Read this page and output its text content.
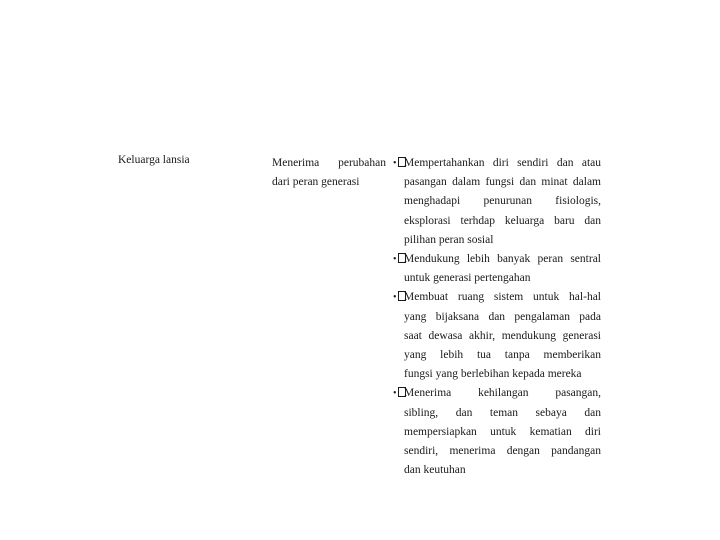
Keluarga lansia	Menerima perubahan
dari peran generasi
• Mempertahankan diri sendiri dan atau
pasangan dalam fungsi dan minat dalam
menghadapi penurunan fisiologis,
eksplorasi terhdap keluarga baru dan
pilihan peran sosial
• Mendukung lebih banyak peran sentral
untuk generasi pertengahan
• Membuat ruang sistem untuk hal-hal
yang bijaksana dan pengalaman pada
saat dewasa akhir, mendukung generasi
yang lebih tua tanpa memberikan
fungsi yang berlebihan kepada mereka
• Menerima kehilangan pasangan,
sibling, dan teman sebaya dan
mempersiapkan untuk kematian diri
sendiri, menerima dengan pandangan
dan keutuhan
